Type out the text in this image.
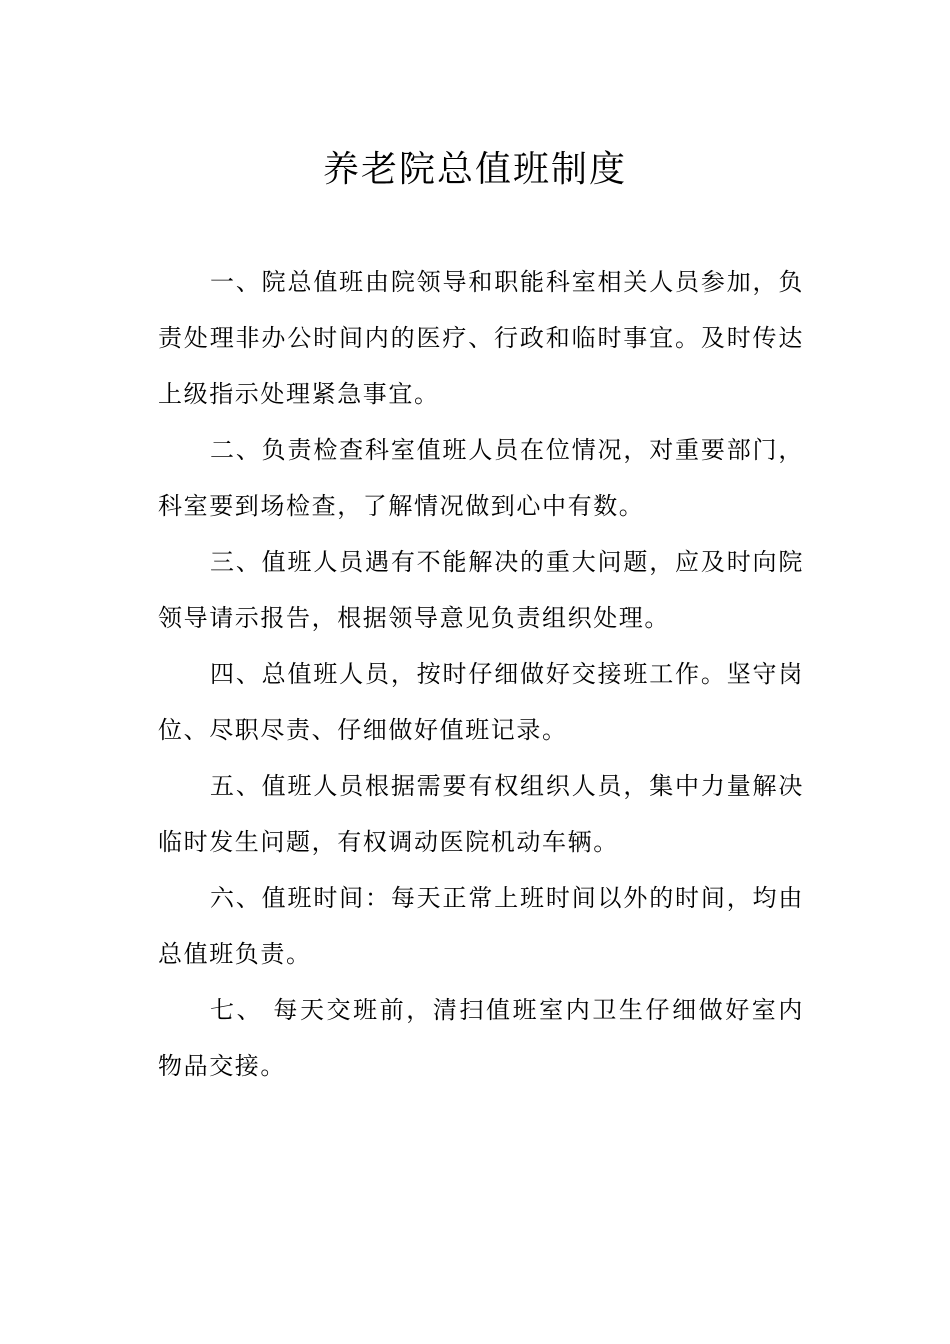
养老院总值班制度

一、院总值班由院领导和职能科室相关人员参加，负责处理非办公时间内的医疗、行政和临时事宜。及时传达上级指示处理紧急事宜。

二、负责检查科室值班人员在位情况，对重要部门，科室要到场检查，了解情况做到心中有数。

三、值班人员遇有不能解决的重大问题，应及时向院领导请示报告，根据领导意见负责组织处理。

四、总值班人员，按时仔细做好交接班工作。坚守岗位、尽职尽责、仔细做好值班记录。

五、值班人员根据需要有权组织人员，集中力量解决临时发生问题，有权调动医院机动车辆。

六、值班时间：每天正常上班时间以外的时间，均由总值班负责。

七、 每天交班前，清扫值班室内卫生仔细做好室内物品交接。
